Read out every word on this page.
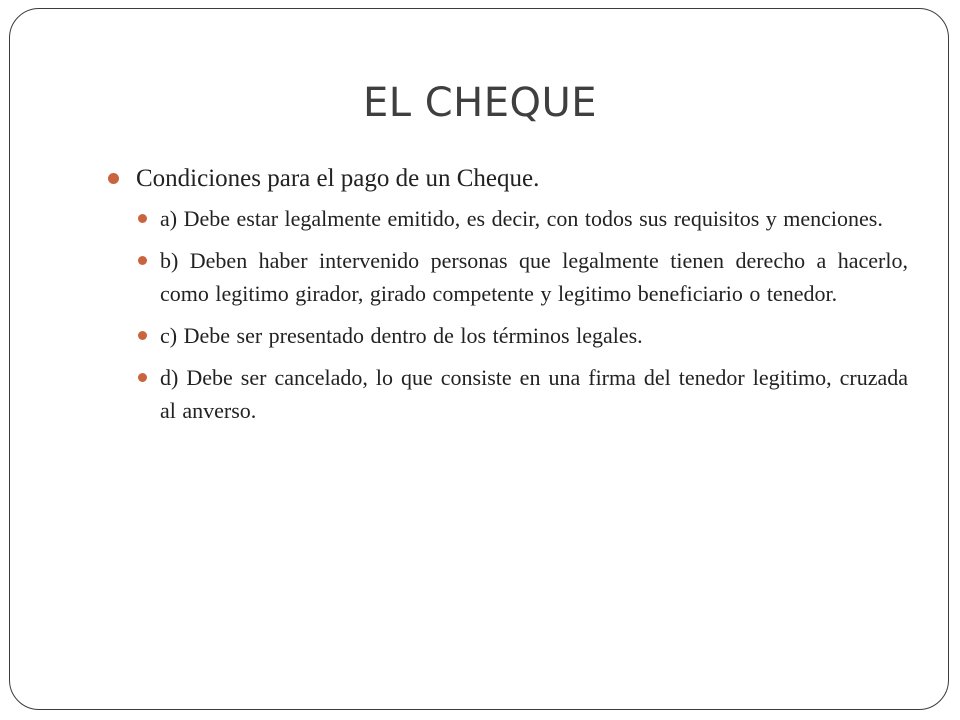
EL CHEQUE
Condiciones para el pago de un Cheque.
a) Debe estar legalmente emitido, es decir, con todos sus requisitos y menciones.
b) Deben haber intervenido personas que legalmente tienen derecho a hacerlo, como legitimo girador, girado competente y legitimo beneficiario o tenedor.
c) Debe ser presentado dentro de los términos legales.
d) Debe ser cancelado, lo que consiste en una firma del tenedor legitimo, cruzada al anverso.
